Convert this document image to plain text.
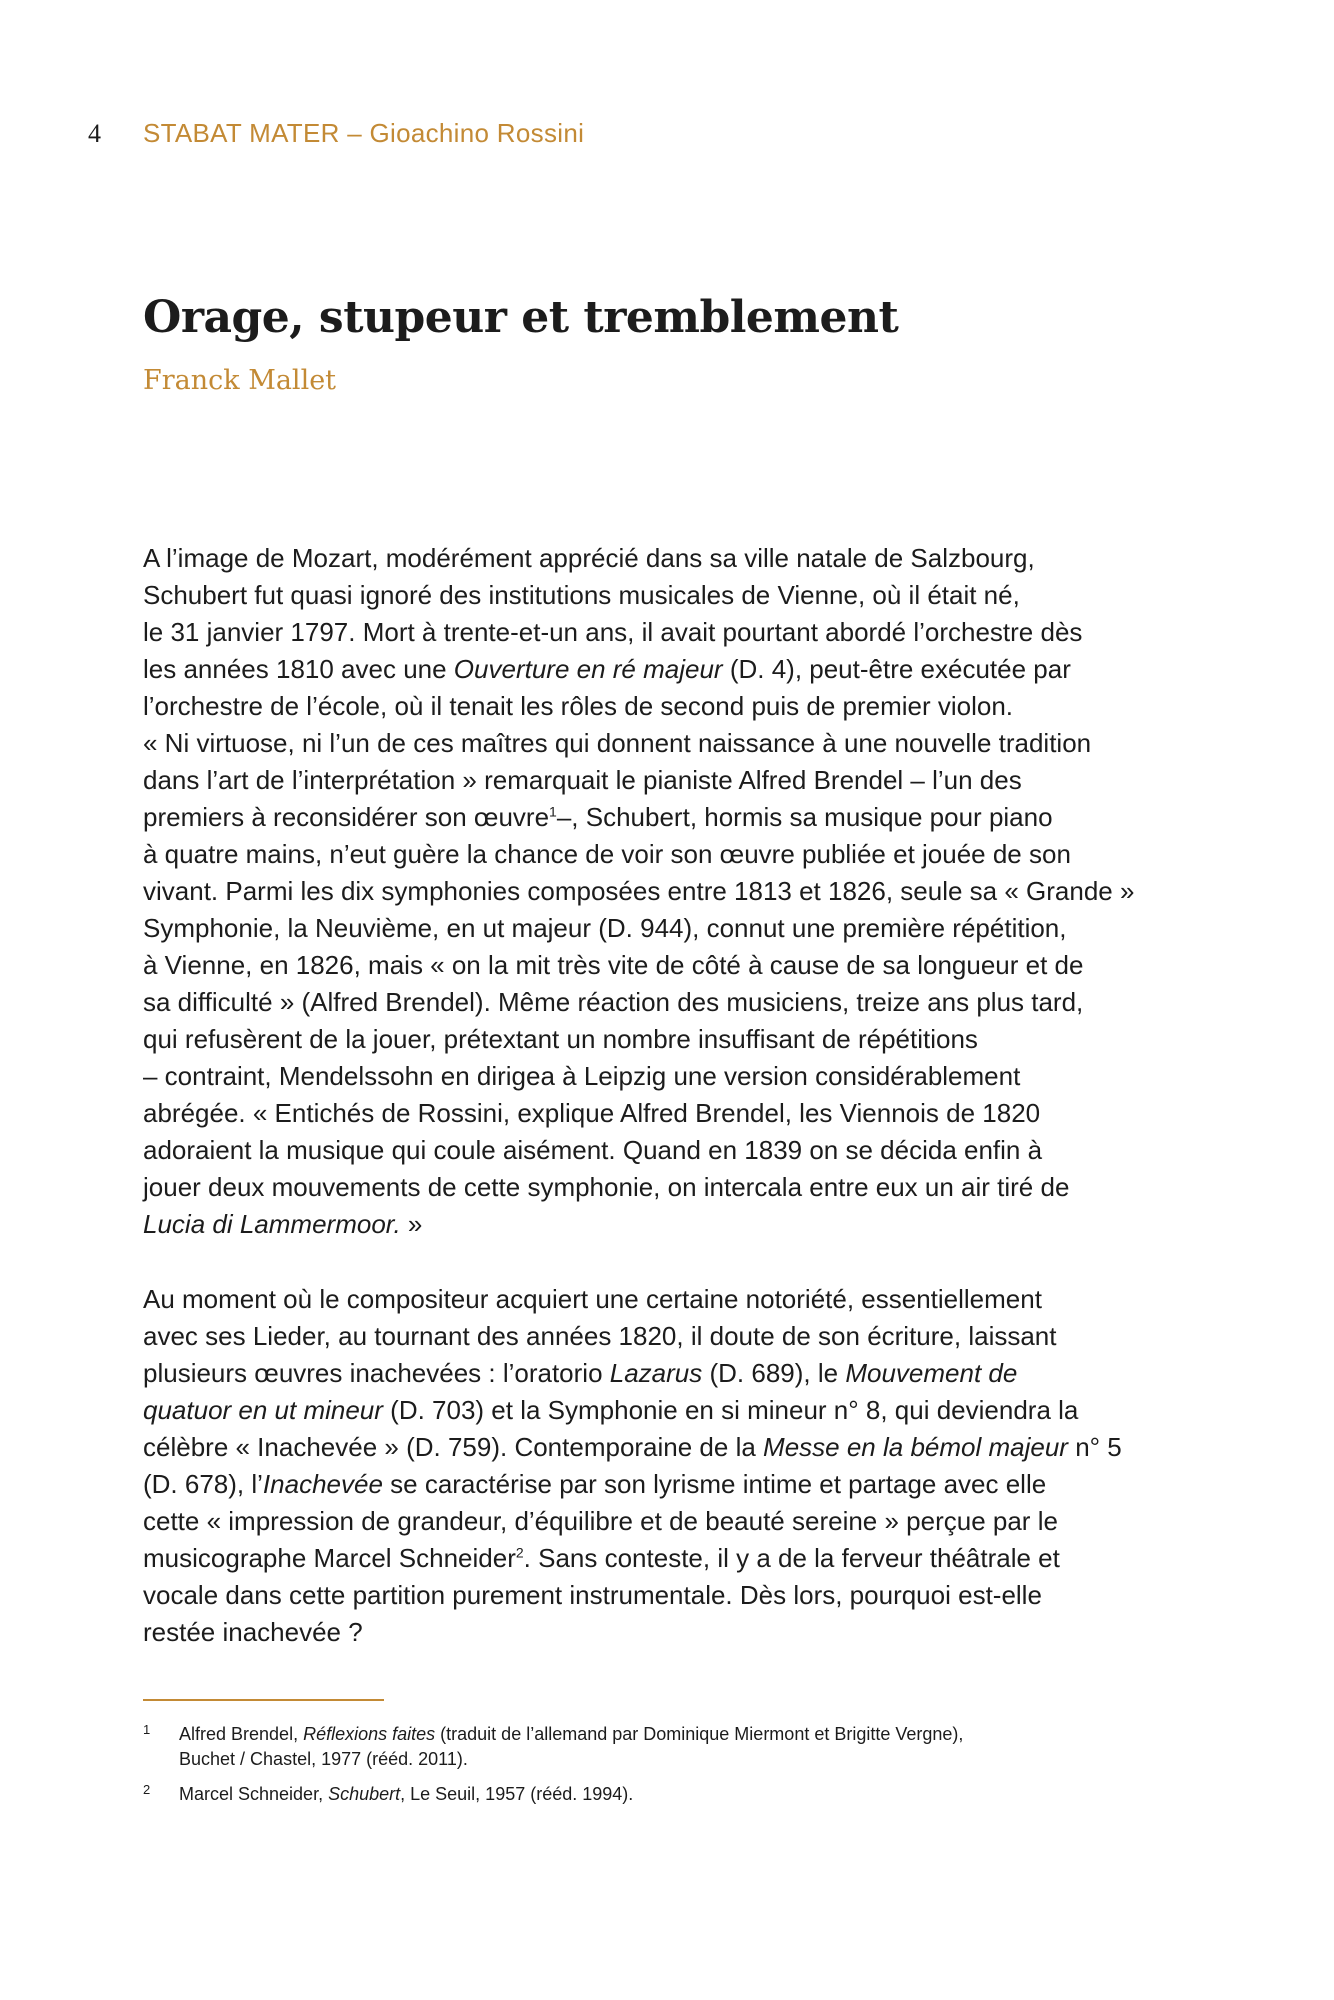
4 STABAT MATER – Gioachino Rossini
Orage, stupeur et tremblement
Franck Mallet

A l’image de Mozart, modérément apprécié dans sa ville natale de Salzbourg,
Schubert fut quasi ignoré des institutions musicales de Vienne, où il était né,
le 31 janvier 1797. Mort à trente-et-un ans, il avait pourtant abordé l’orchestre dès
les années 1810 avec une Ouverture en ré majeur (D. 4), peut-être exécutée par
l’orchestre de l’école, où il tenait les rôles de second puis de premier violon.
« Ni virtuose, ni l’un de ces maîtres qui donnent naissance à une nouvelle tradition
dans l’art de l’interprétation » remarquait le pianiste Alfred Brendel – l’un des
premiers à reconsidérer son œuvre$^1$–, Schubert, hormis sa musique pour piano
à quatre mains, n’eut guère la chance de voir son œuvre publiée et jouée de son
vivant. Parmi les dix symphonies composées entre 1813 et 1826, seule sa « Grande »
Symphonie, la Neuvième, en ut majeur (D. 944), connut une première répétition,
à Vienne, en 1826, mais « on la mit très vite de côté à cause de sa longueur et de
sa difficulté » (Alfred Brendel). Même réaction des musiciens, treize ans plus tard,
qui refusèrent de la jouer, prétextant un nombre insuffisant de répétitions
– contraint, Mendelssohn en dirigea à Leipzig une version considérablement
abrégée. « Entichés de Rossini, explique Alfred Brendel, les Viennois de 1820
adoraient la musique qui coule aisément. Quand en 1839 on se décida enfin à
jouer deux mouvements de cette symphonie, on intercala entre eux un air tiré de
Lucia di Lammermoor. »

Au moment où le compositeur acquiert une certaine notoriété, essentiellement
avec ses Lieder, au tournant des années 1820, il doute de son écriture, laissant
plusieurs œuvres inachevées : l’oratorio Lazarus (D. 689), le Mouvement de
quatuor en ut mineur (D. 703) et la Symphonie en si mineur n° 8, qui deviendra la
célèbre « Inachevée » (D. 759). Contemporaine de la Messe en la bémol majeur n° 5
(D. 678), l’Inachevée se caractérise par son lyrisme intime et partage avec elle
cette « impression de grandeur, d’équilibre et de beauté sereine » perçue par le
musicographe Marcel Schneider$^2$. Sans conteste, il y a de la ferveur théâtrale et
vocale dans cette partition purement instrumentale. Dès lors, pourquoi est-elle
restée inachevée ?

1 Alfred Brendel, Réflexions faites (traduit de l’allemand par Dominique Miermont et Brigitte Vergne),
Buchet / Chastel, 1977 (rééd. 2011).
2 Marcel Schneider, Schubert, Le Seuil, 1957 (rééd. 1994).
